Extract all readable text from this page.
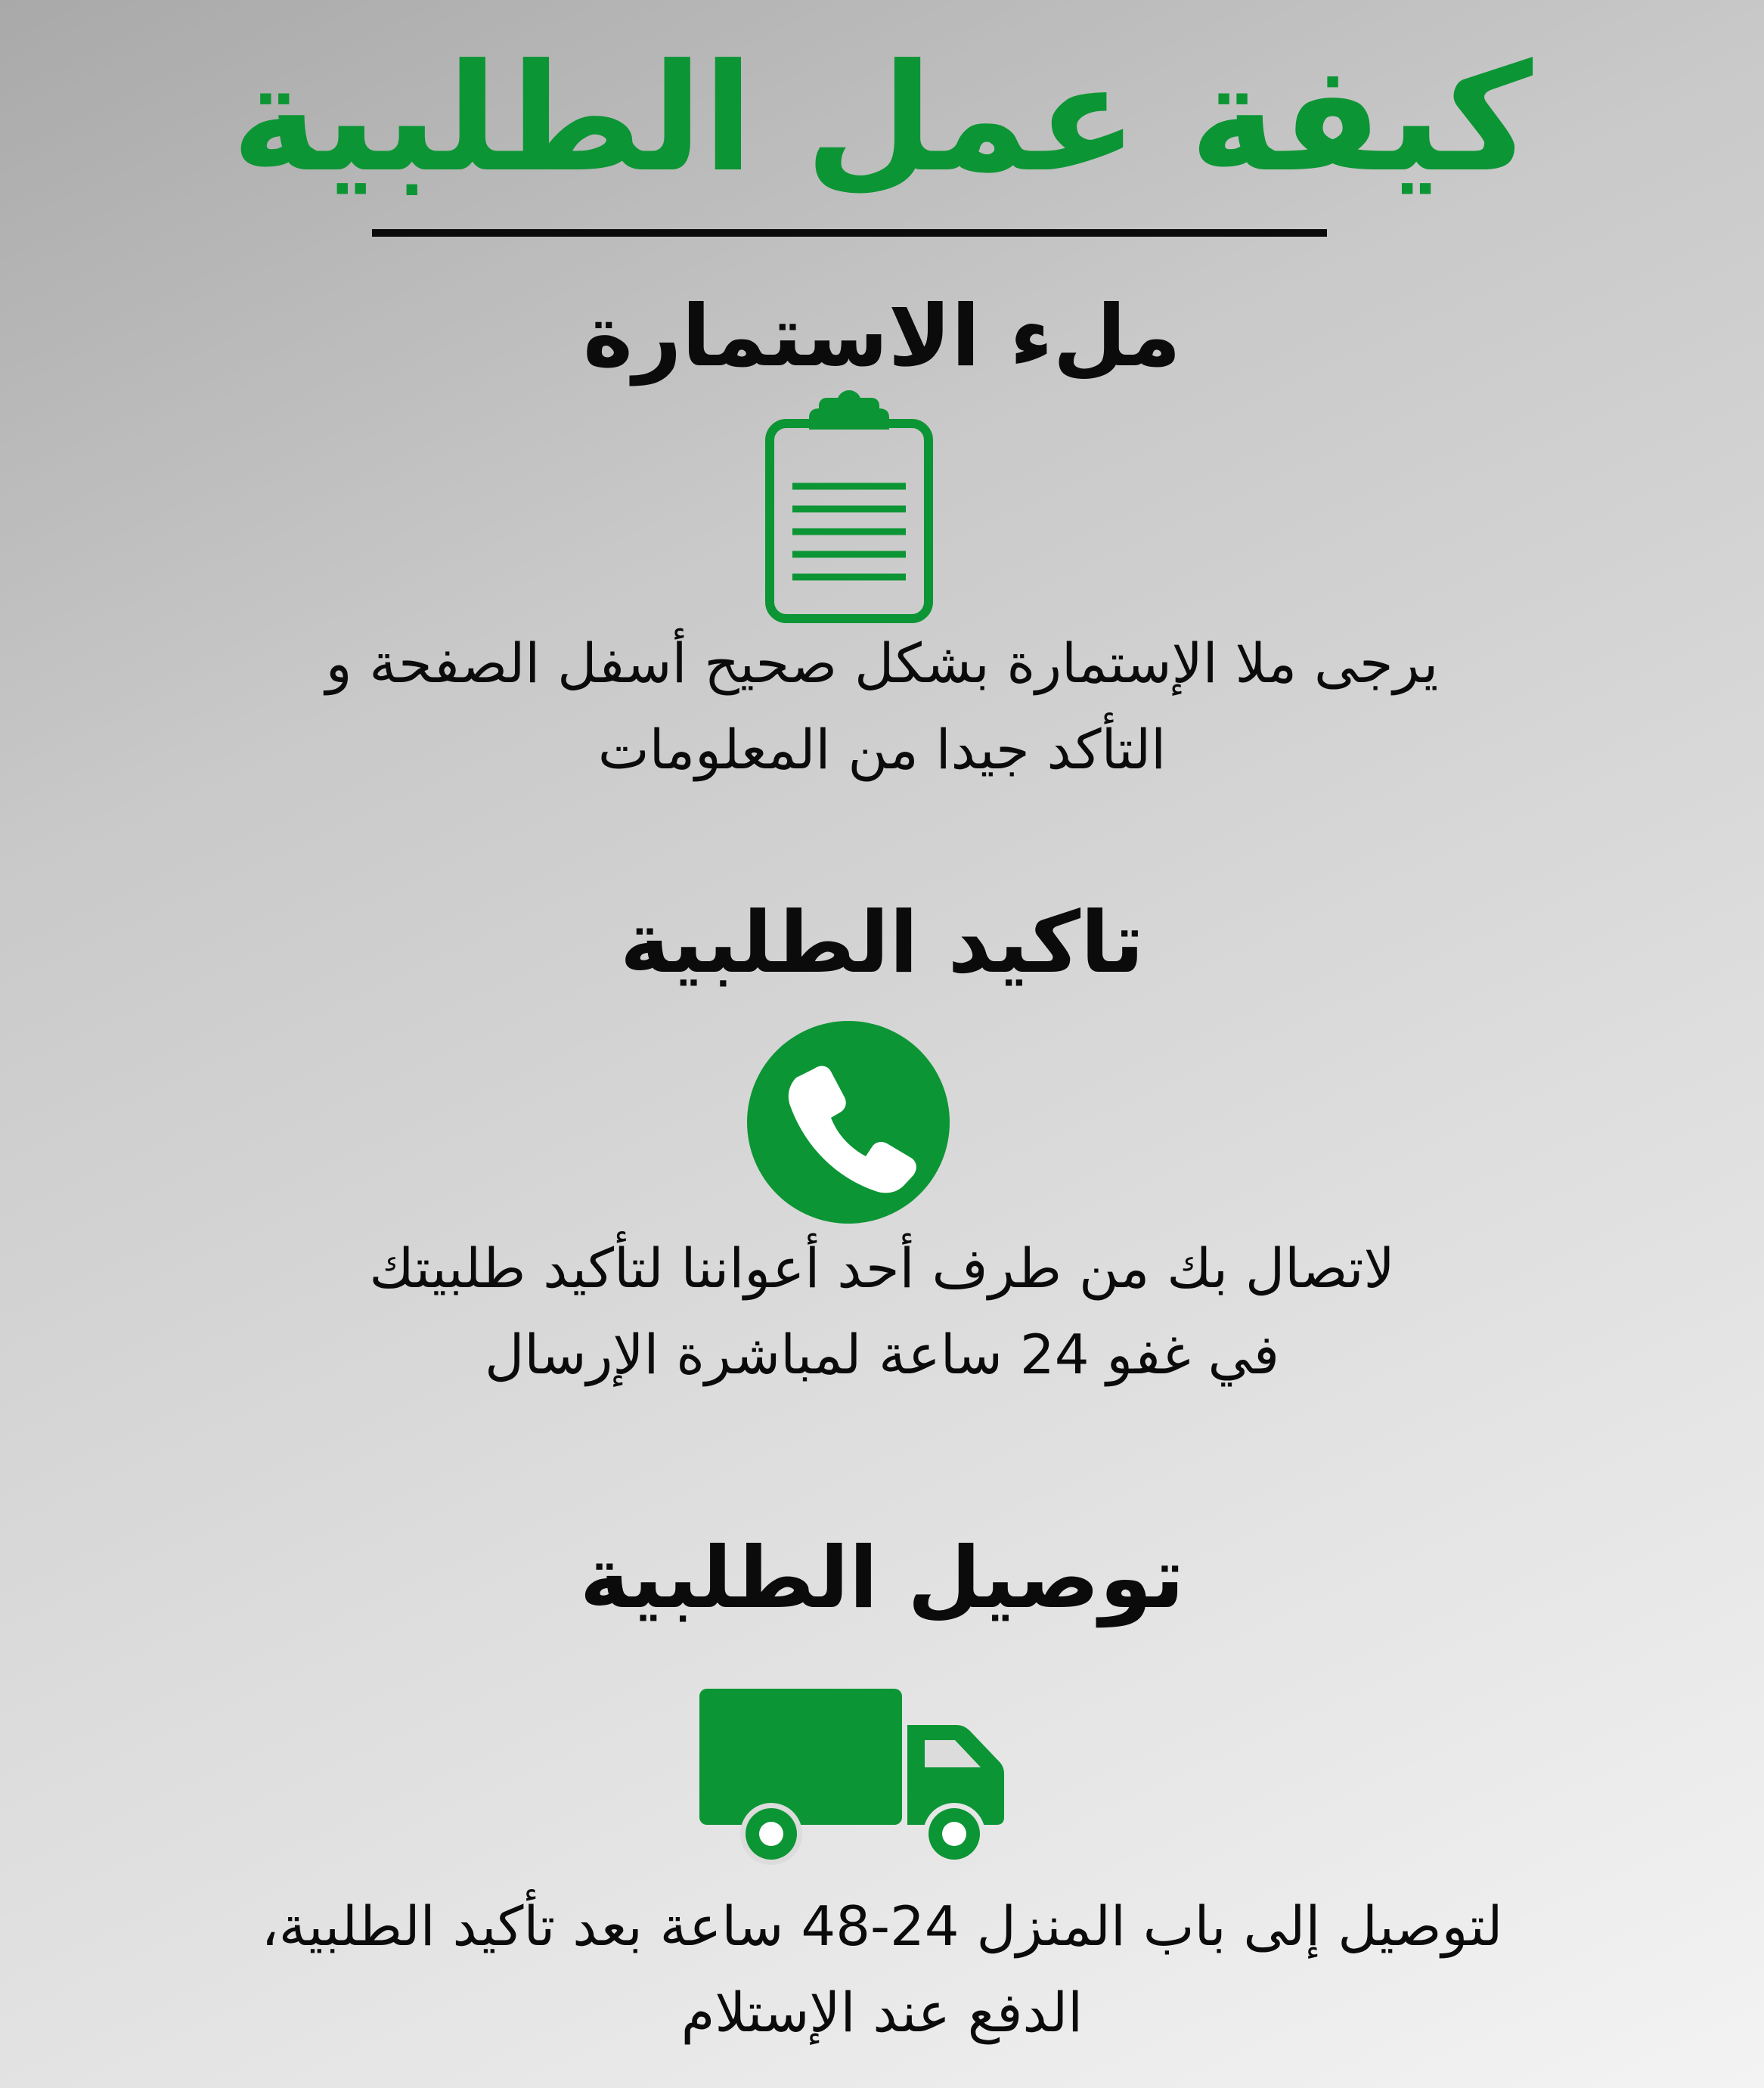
كيفة عمل الطلبية
ملء الاستمارة
يرجى ملا الإستمارة بشكل صحيح أسفل الصفحة و
التأكد جيدا من المعلومات
تاكيد الطلبية
لاتصال بك من طرف أحد أعواننا لتأكيد طلبيتك
في غفو 24 ساعة لمباشرة الإرسال
توصيل الطلبية
لتوصيل إلى باب المنزل 24-48 ساعة بعد تأكيد الطلبية،
الدفع عند الإستلام
